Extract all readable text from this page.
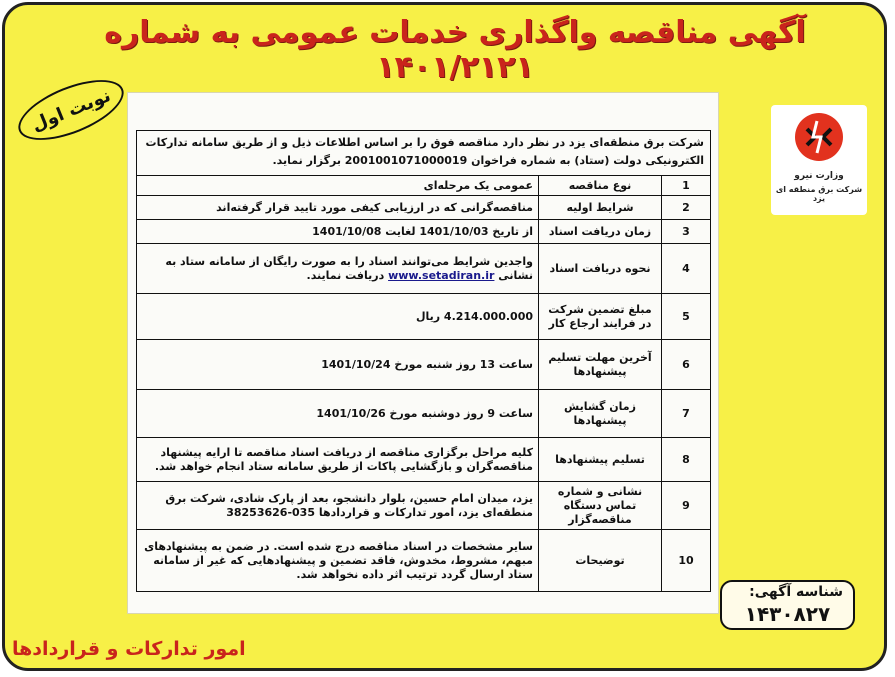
آگهی مناقصه واگذاری خدمات عمومی به شماره ۱۴۰۱/۲۱۲۱
نوبت اول
وزارت نیرو
شرکت برق منطقه ای یزد
شرکت برق منطقه‌ای یزد در نظر دارد مناقصه فوق را بر اساس اطلاعات ذیل و از طریق سامانه تدارکات الکترونیکی دولت (ستاد) به شماره فراخوان 2001001071000019 برگزار نماید.
1	نوع مناقصه	عمومی یک مرحله‌ای
2	شرایط اولیه	مناقصه‌گرانی که در ارزیابی کیفی مورد تایید قرار گرفته‌اند
3	زمان دریافت اسناد	از تاریخ 1401/10/03 لغایت 1401/10/08
4	نحوه دریافت اسناد	واجدین شرایط می‌توانند اسناد را به صورت رایگان از سامانه ستاد به نشانی www.setadiran.ir دریافت نمایند.
5	مبلغ تضمین شرکت در فرایند ارجاع کار	4.214.000.000 ریال
6	آخرین مهلت تسلیم پیشنهادها	ساعت 13 روز شنبه مورخ 1401/10/24
7	زمان گشایش پیشنهادها	ساعت 9 روز دوشنبه مورخ 1401/10/26
8	تسلیم پیشنهادها	کلیه مراحل برگزاری مناقصه از دریافت اسناد مناقصه تا ارایه پیشنهاد مناقصه‌گران و بازگشایی پاکات از طریق سامانه ستاد انجام خواهد شد.
9	نشانی و شماره تماس دستگاه مناقصه‌گزار	یزد، میدان امام حسین، بلوار دانشجو، بعد از پارک شادی، شرکت برق منطقه‌ای یزد، امور تدارکات و قراردادها 035-38253626
10	توضیحات	سایر مشخصات در اسناد مناقصه درج شده است. در ضمن به پیشنهادهای مبهم، مشروط، مخدوش، فاقد تضمین و پیشنهادهایی که غیر از سامانه ستاد ارسال گردد ترتیب اثر داده نخواهد شد.
شناسه آگهی:
۱۴۳۰۸۲۷
امور تدارکات و قراردادها
